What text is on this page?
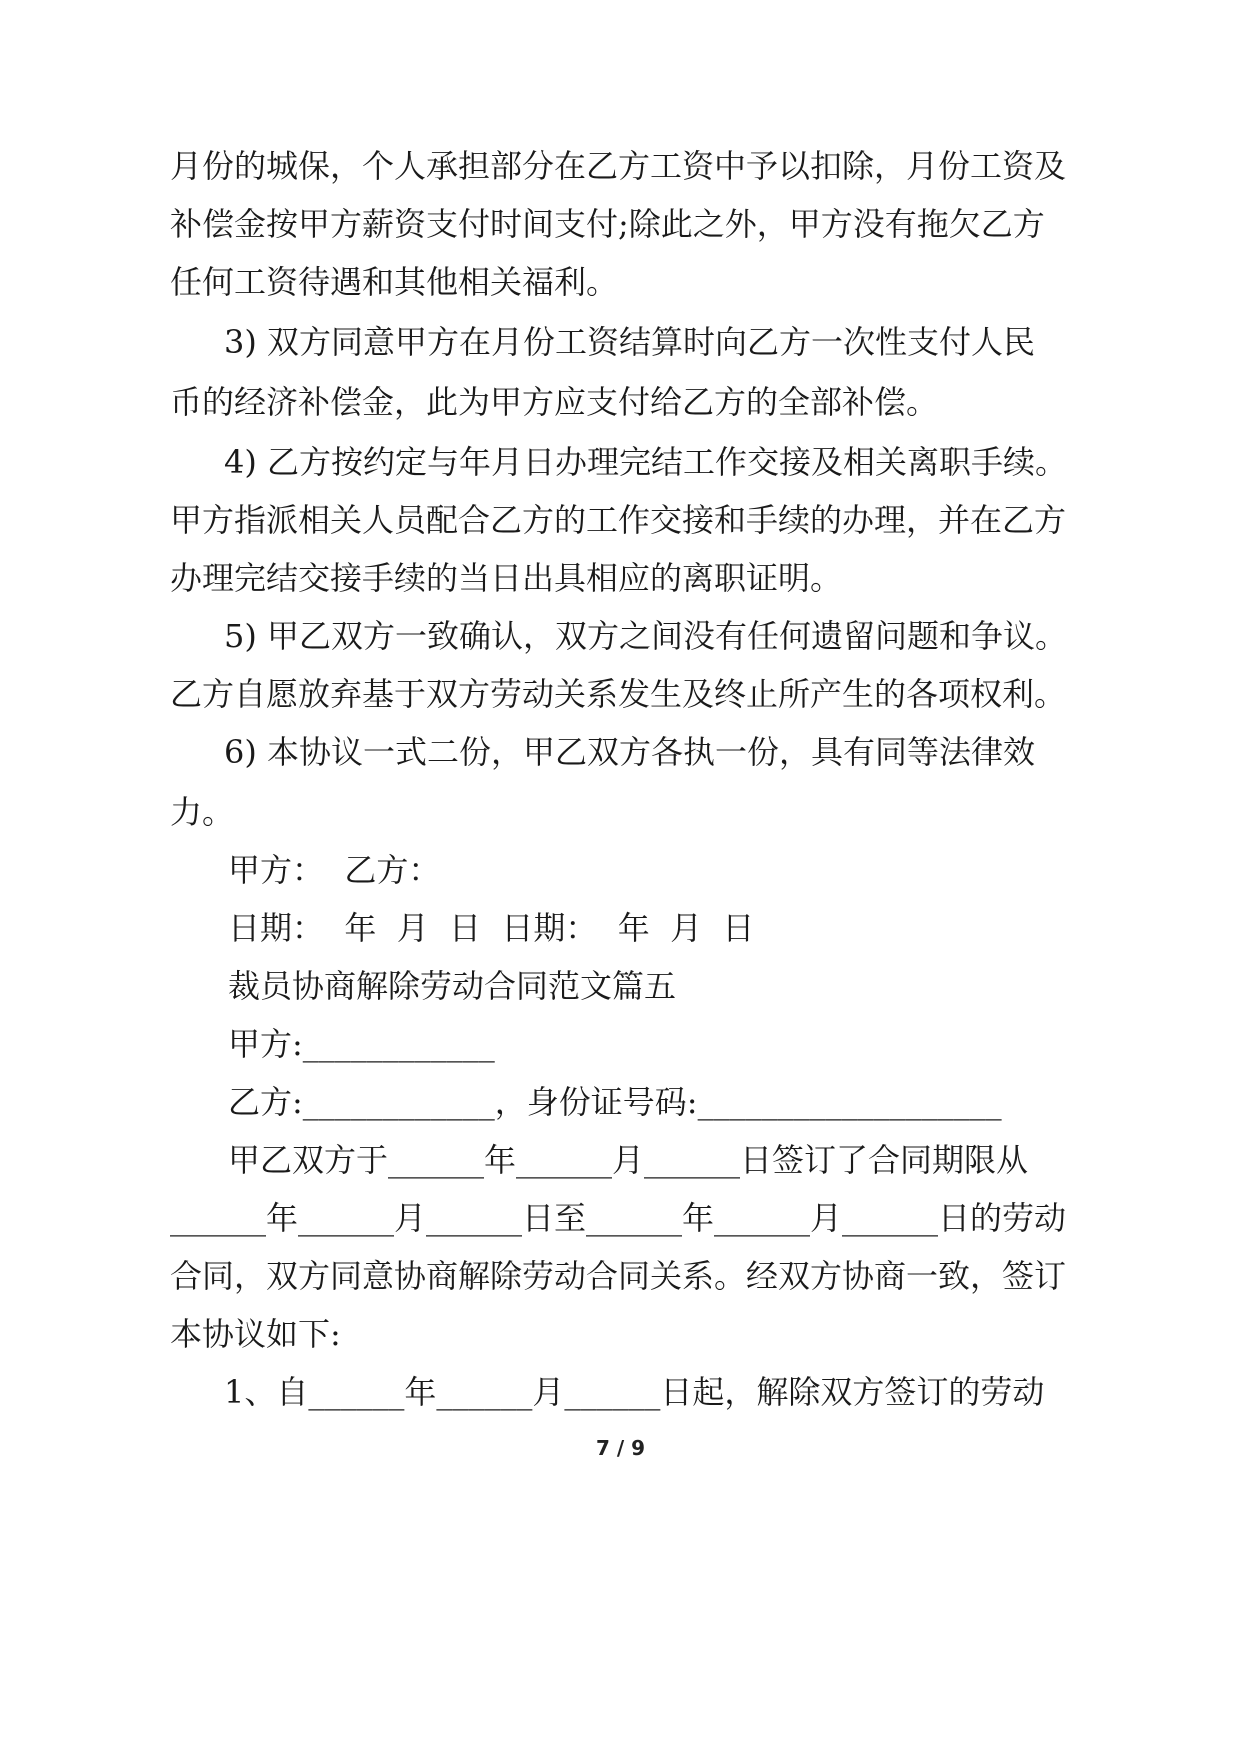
月份的城保，个人承担部分在乙方工资中予以扣除，月份工资及

补偿金按甲方薪资支付时间支付;除此之外，甲方没有拖欠乙方

任何工资待遇和其他相关福利。

3) 双方同意甲方在月份工资结算时向乙方一次性支付人民

币的经济补偿金，此为甲方应支付给乙方的全部补偿。

4) 乙方按约定与年月日办理完结工作交接及相关离职手续。

甲方指派相关人员配合乙方的工作交接和手续的办理，并在乙方

办理完结交接手续的当日出具相应的离职证明。

5) 甲乙双方一致确认，双方之间没有任何遗留问题和争议。

乙方自愿放弃基于双方劳动关系发生及终止所产生的各项权利。

6) 本协议一式二份，甲乙双方各执一份，具有同等法律效

力。

甲方：  乙方：

日期：  年  月  日  日期：  年  月  日

裁员协商解除劳动合同范文篇五

甲方:____________

乙方:____________，身份证号码:___________________

甲乙双方于______年______月______日签订了合同期限从

______年______月______日至______年______月______日的劳动

合同，双方同意协商解除劳动合同关系。经双方协商一致，签订

本协议如下:

1、自______年______月______日起，解除双方签订的劳动

7 / 9
